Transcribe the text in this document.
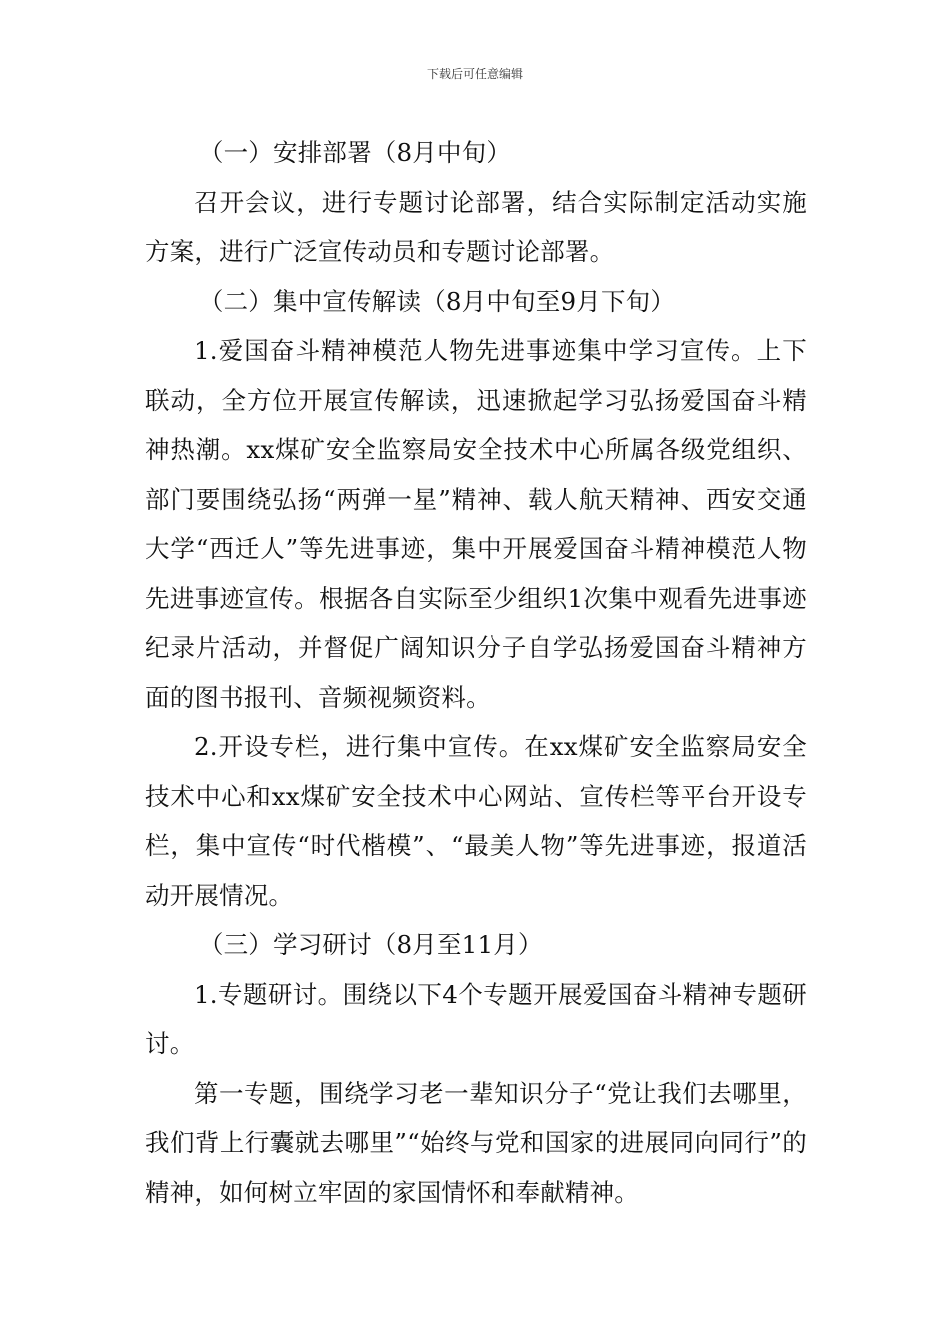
下载后可任意编辑

（一）安排部署（8月中旬）

召开会议，进行专题讨论部署，结合实际制定活动实施方案，进行广泛宣传动员和专题讨论部署。

（二）集中宣传解读（8月中旬至9月下旬）

1.爱国奋斗精神模范人物先进事迹集中学习宣传。上下联动，全方位开展宣传解读，迅速掀起学习弘扬爱国奋斗精神热潮。xx煤矿安全监察局安全技术中心所属各级党组织、部门要围绕弘扬“两弹一星”精神、载人航天精神、西安交通大学“西迁人”等先进事迹，集中开展爱国奋斗精神模范人物先进事迹宣传。根据各自实际至少组织1次集中观看先进事迹纪录片活动，并督促广阔知识分子自学弘扬爱国奋斗精神方面的图书报刊、音频视频资料。

2.开设专栏，进行集中宣传。在xx煤矿安全监察局安全技术中心和xx煤矿安全技术中心网站、宣传栏等平台开设专栏，集中宣传“时代楷模”、“最美人物”等先进事迹，报道活动开展情况。

（三）学习研讨（8月至11月）

1.专题研讨。围绕以下4个专题开展爱国奋斗精神专题研讨。

第一专题，围绕学习老一辈知识分子“党让我们去哪里，我们背上行囊就去哪里”“始终与党和国家的进展同向同行”的精神，如何树立牢固的家国情怀和奉献精神。
